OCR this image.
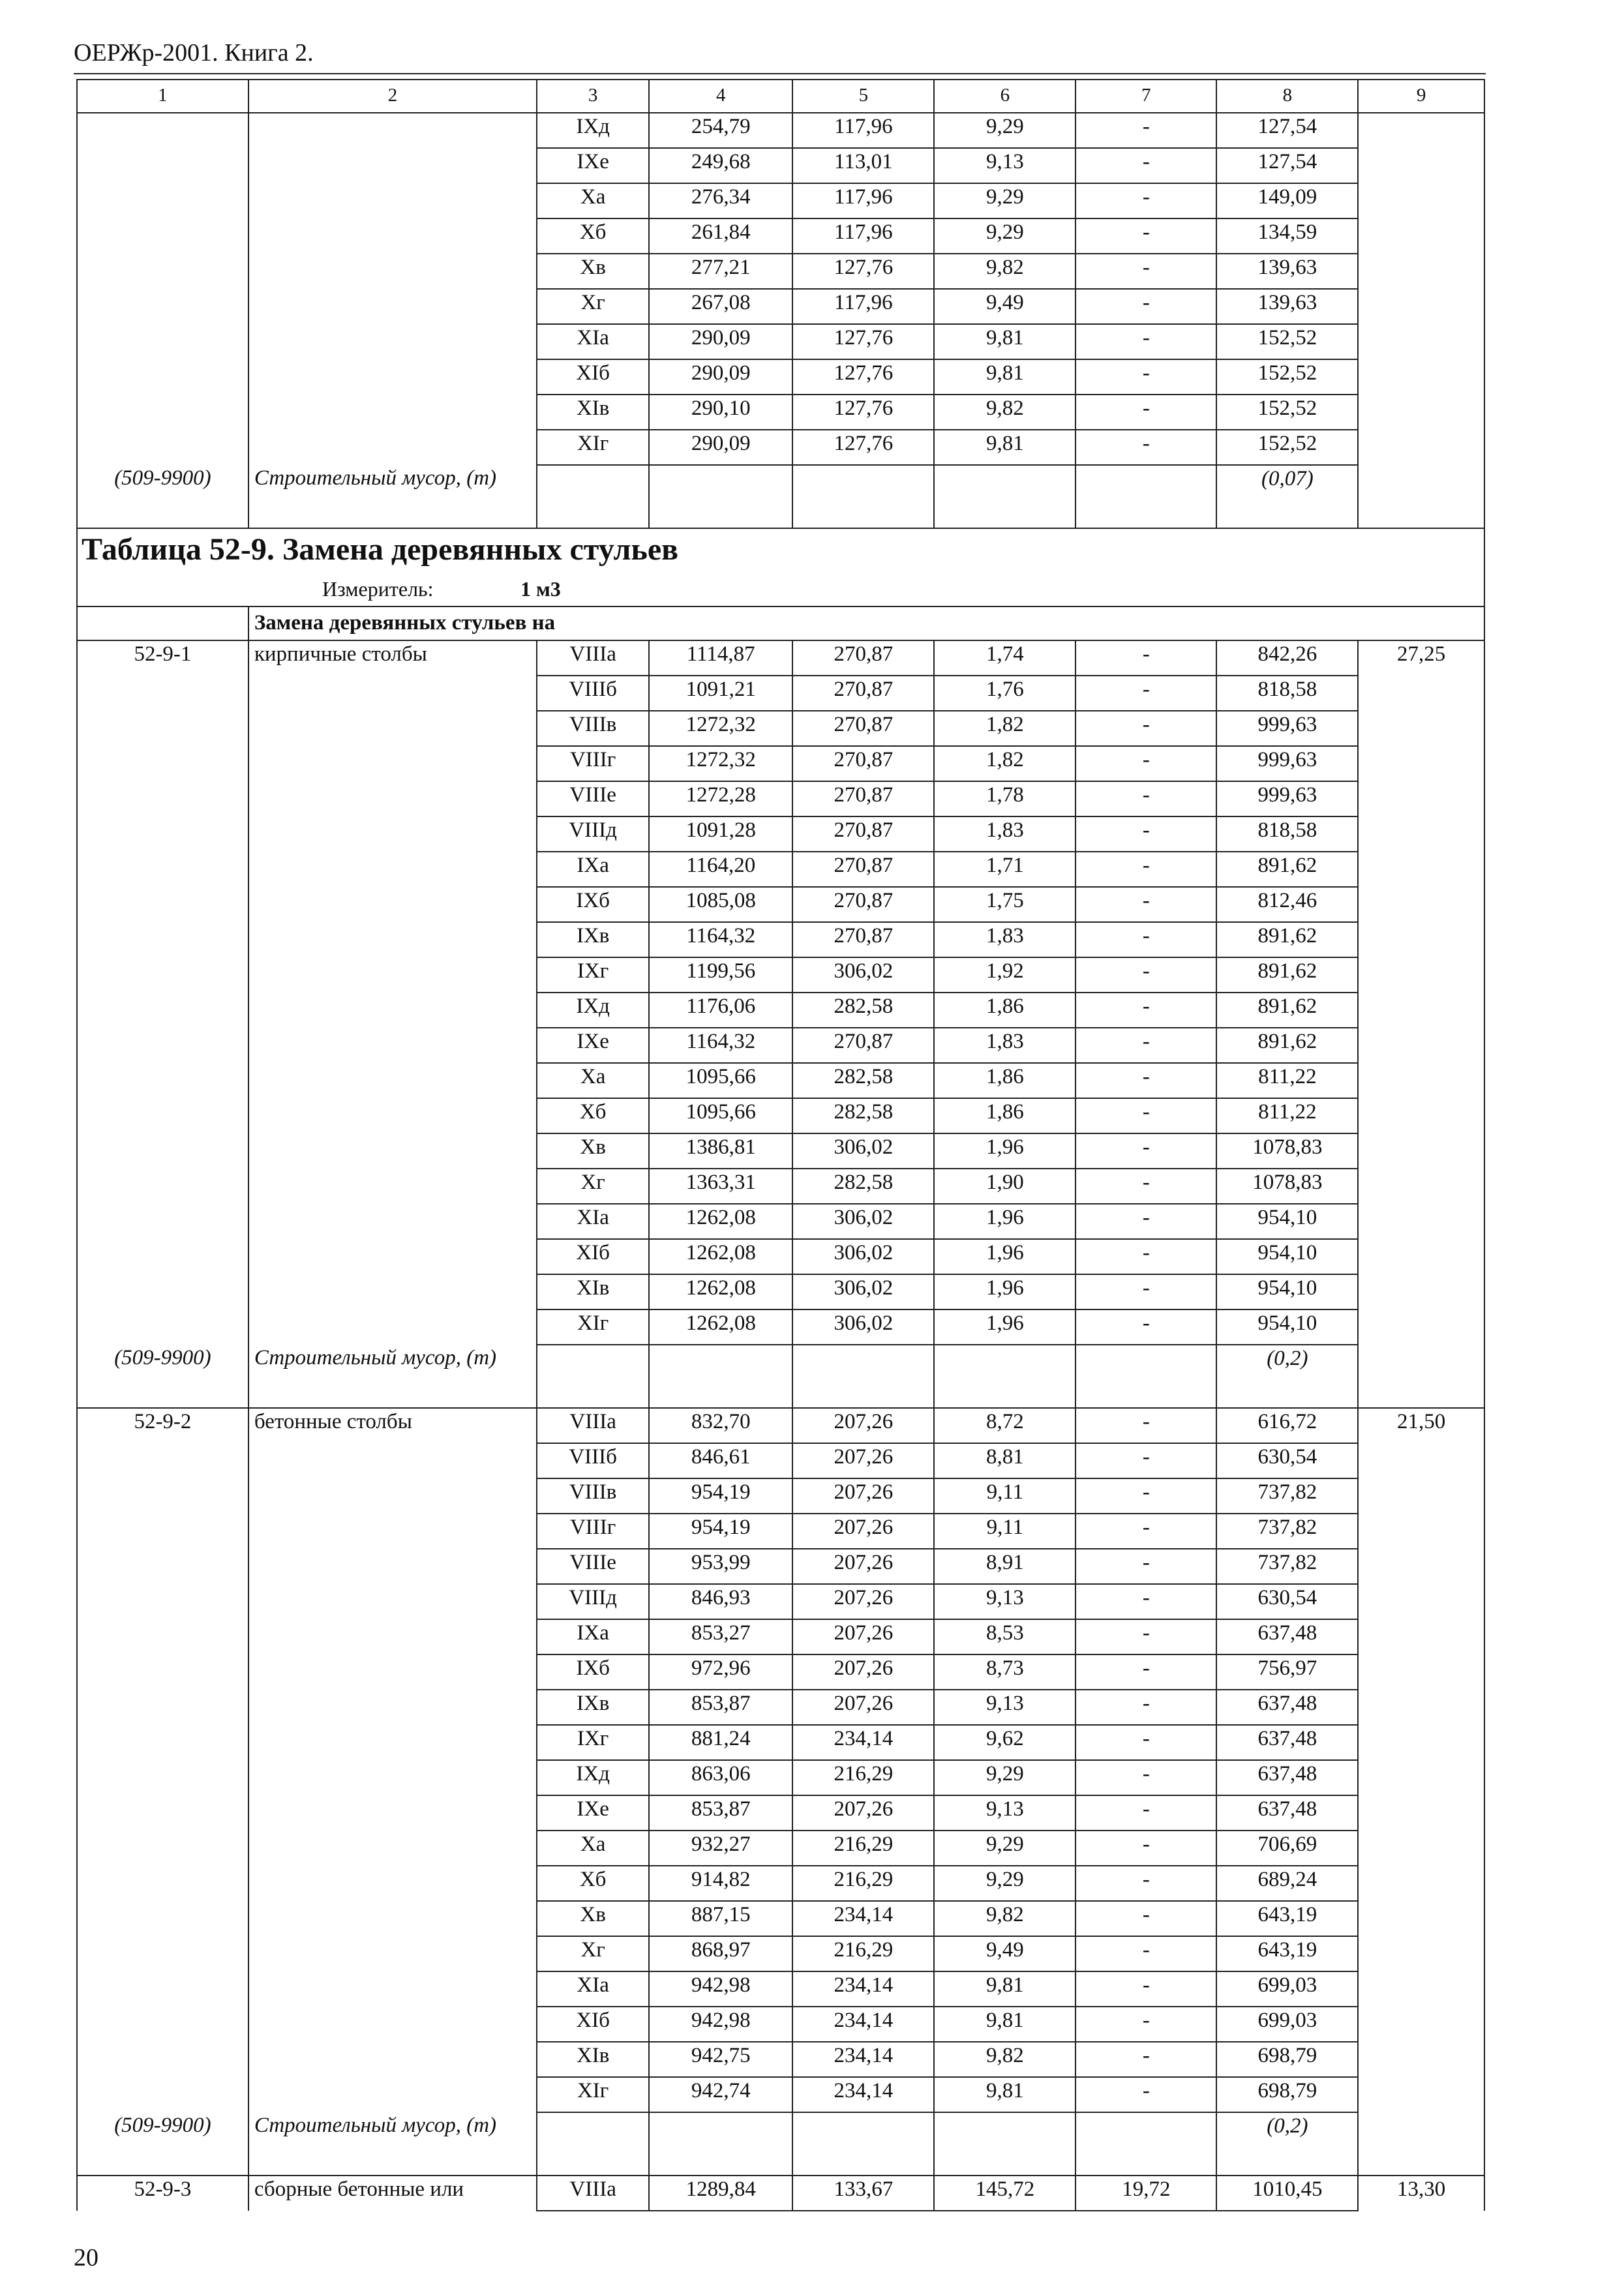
ОЕРЖр-2001. Книга 2.
1	2	3	4	5	6	7	8	9
		IXд	254,79	117,96	9,29	-	127,54	
		IXе	249,68	113,01	9,13	-	127,54	
		Xа	276,34	117,96	9,29	-	149,09	
		Xб	261,84	117,96	9,29	-	134,59	
		Xв	277,21	127,76	9,82	-	139,63	
		Xг	267,08	117,96	9,49	-	139,63	
		XIа	290,09	127,76	9,81	-	152,52	
		XIб	290,09	127,76	9,81	-	152,52	
		XIв	290,10	127,76	9,82	-	152,52	
		XIг	290,09	127,76	9,81	-	152,52	
(509-9900)	Строительный мусор, (т)						(0,07)	
Таблица 52-9. Замена деревянных стульев								
Измеритель: 1 м3								
	Замена деревянных стульев на							
52-9-1	кирпичные столбы	VIIIа	1114,87	270,87	1,74	-	842,26	27,25
		VIIIб	1091,21	270,87	1,76	-	818,58	
		VIIIв	1272,32	270,87	1,82	-	999,63	
		VIIIг	1272,32	270,87	1,82	-	999,63	
		VIIIе	1272,28	270,87	1,78	-	999,63	
		VIIIд	1091,28	270,87	1,83	-	818,58	
		IXа	1164,20	270,87	1,71	-	891,62	
		IXб	1085,08	270,87	1,75	-	812,46	
		IXв	1164,32	270,87	1,83	-	891,62	
		IXг	1199,56	306,02	1,92	-	891,62	
		IXд	1176,06	282,58	1,86	-	891,62	
		IXе	1164,32	270,87	1,83	-	891,62	
		Xа	1095,66	282,58	1,86	-	811,22	
		Xб	1095,66	282,58	1,86	-	811,22	
		Xв	1386,81	306,02	1,96	-	1078,83	
		Xг	1363,31	282,58	1,90	-	1078,83	
		XIа	1262,08	306,02	1,96	-	954,10	
		XIб	1262,08	306,02	1,96	-	954,10	
		XIв	1262,08	306,02	1,96	-	954,10	
		XIг	1262,08	306,02	1,96	-	954,10	
(509-9900)	Строительный мусор, (т)						(0,2)	
52-9-2	бетонные столбы	VIIIа	832,70	207,26	8,72	-	616,72	21,50
		VIIIб	846,61	207,26	8,81	-	630,54	
		VIIIв	954,19	207,26	9,11	-	737,82	
		VIIIг	954,19	207,26	9,11	-	737,82	
		VIIIе	953,99	207,26	8,91	-	737,82	
		VIIIд	846,93	207,26	9,13	-	630,54	
		IXа	853,27	207,26	8,53	-	637,48	
		IXб	972,96	207,26	8,73	-	756,97	
		IXв	853,87	207,26	9,13	-	637,48	
		IXг	881,24	234,14	9,62	-	637,48	
		IXд	863,06	216,29	9,29	-	637,48	
		IXе	853,87	207,26	9,13	-	637,48	
		Xа	932,27	216,29	9,29	-	706,69	
		Xб	914,82	216,29	9,29	-	689,24	
		Xв	887,15	234,14	9,82	-	643,19	
		Xг	868,97	216,29	9,49	-	643,19	
		XIа	942,98	234,14	9,81	-	699,03	
		XIб	942,98	234,14	9,81	-	699,03	
		XIв	942,75	234,14	9,82	-	698,79	
		XIг	942,74	234,14	9,81	-	698,79	
(509-9900)	Строительный мусор, (т)						(0,2)	
52-9-3	сборные бетонные или	VIIIа	1289,84	133,67	145,72	19,72	1010,45	13,30
20
